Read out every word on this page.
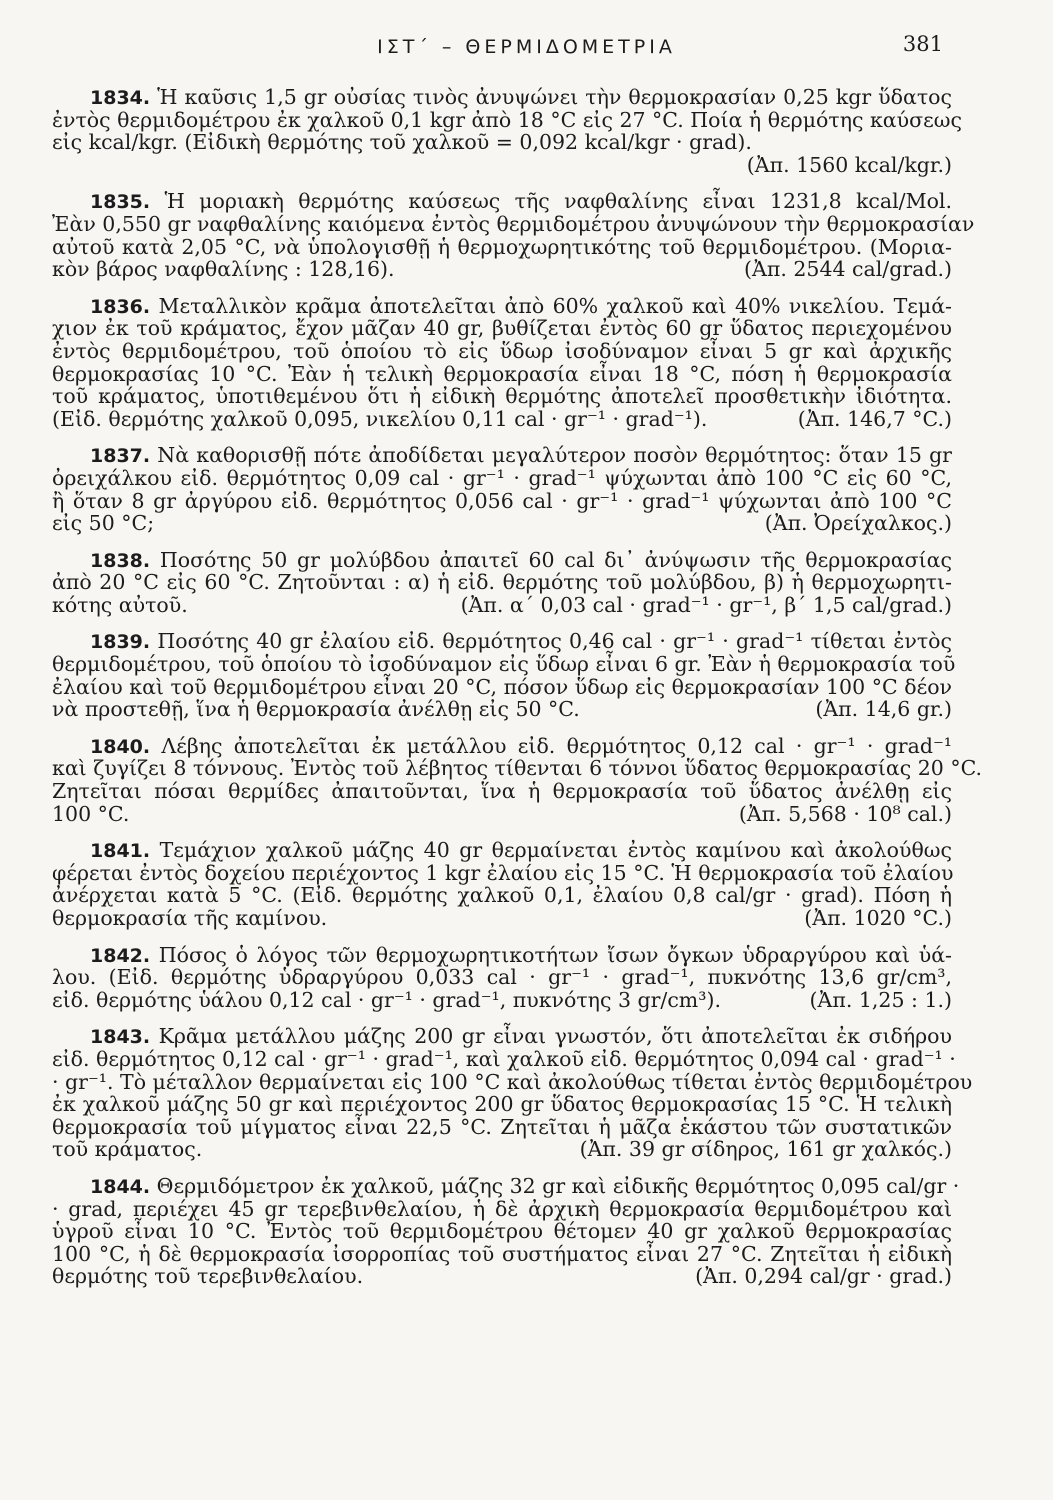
ΙΣΤ΄ – ΘΕΡΜΙΔΟΜΕΤΡΙΑ	381
1834. Ἡ καῦσις 1,5 gr οὐσίας τινὸς ἀνυψώνει τὴν θερμοκρασίαν 0,25 kgr ὕδατος
ἐντὸς θερμιδομέτρου ἐκ χαλκοῦ 0,1 kgr ἀπὸ 18 °C εἰς 27 °C. Ποία ἡ θερμότης καύσεως
εἰς kcal/kgr. (Εἰδικὴ θερμότης τοῦ χαλκοῦ = 0,092 kcal/kgr · grad).
(Ἀπ. 1560 kcal/kgr.)
1835. Ἡ μοριακὴ θερμότης καύσεως τῆς ναφθαλίνης εἶναι 1231,8 kcal/Mol.
Ἐὰν 0,550 gr ναφθαλίνης καιόμενα ἐντὸς θερμιδομέτρου ἀνυψώνουν τὴν θερμοκρασίαν
αὐτοῦ κατὰ 2,05 °C, νὰ ὑπολογισθῇ ἡ θερμοχωρητικότης τοῦ θερμιδομέτρου. (Μορια-
κὸν βάρος ναφθαλίνης : 128,16).	(Ἀπ. 2544 cal/grad.)
1836. Μεταλλικὸν κρᾶμα ἀποτελεῖται ἀπὸ 60% χαλκοῦ καὶ 40% νικελίου. Τεμά-
χιον ἐκ τοῦ κράματος, ἔχον μᾶζαν 40 gr, βυθίζεται ἐντὸς 60 gr ὕδατος περιεχομένου
ἐντὸς θερμιδομέτρου, τοῦ ὁποίου τὸ εἰς ὕδωρ ἰσοδύναμον εἶναι 5 gr καὶ ἀρχικῆς
θερμοκρασίας 10 °C. Ἐὰν ἡ τελικὴ θερμοκρασία εἶναι 18 °C, πόση ἡ θερμοκρασία
τοῦ κράματος, ὑποτιθεμένου ὅτι ἡ εἰδικὴ θερμότης ἀποτελεῖ προσθετικὴν ἰδιότητα.
(Εἰδ. θερμότης χαλκοῦ 0,095, νικελίου 0,11 cal · gr⁻¹ · grad⁻¹).	(Ἀπ. 146,7 °C.)
1837. Νὰ καθορισθῇ πότε ἀποδίδεται μεγαλύτερον ποσὸν θερμότητος: ὅταν 15 gr
ὀρειχάλκου εἰδ. θερμότητος 0,09 cal · gr⁻¹ · grad⁻¹ ψύχωνται ἀπὸ 100 °C εἰς 60 °C,
ἢ ὅταν 8 gr ἀργύρου εἰδ. θερμότητος 0,056 cal · gr⁻¹ · grad⁻¹ ψύχωνται ἀπὸ 100 °C
εἰς 50 °C;	(Ἀπ. Ὀρείχαλκος.)
1838. Ποσότης 50 gr μολύβδου ἀπαιτεῖ 60 cal δι᾽ ἀνύψωσιν τῆς θερμοκρασίας
ἀπὸ 20 °C εἰς 60 °C. Ζητοῦνται : α) ἡ εἰδ. θερμότης τοῦ μολύβδου, β) ἡ θερμοχωρητι-
κότης αὐτοῦ.	(Ἀπ. α΄ 0,03 cal · grad⁻¹ · gr⁻¹, β΄ 1,5 cal/grad.)
1839. Ποσότης 40 gr ἐλαίου εἰδ. θερμότητος 0,46 cal · gr⁻¹ · grad⁻¹ τίθεται ἐντὸς
θερμιδομέτρου, τοῦ ὁποίου τὸ ἰσοδύναμον εἰς ὕδωρ εἶναι 6 gr. Ἐὰν ἡ θερμοκρασία τοῦ
ἐλαίου καὶ τοῦ θερμιδομέτρου εἶναι 20 °C, πόσον ὕδωρ εἰς θερμοκρασίαν 100 °C δέον
νὰ προστεθῇ, ἵνα ἡ θερμοκρασία ἀνέλθῃ εἰς 50 °C.	(Ἀπ. 14,6 gr.)
1840. Λέβης ἀποτελεῖται ἐκ μετάλλου εἰδ. θερμότητος 0,12 cal · gr⁻¹ · grad⁻¹
καὶ ζυγίζει 8 τόννους. Ἐντὸς τοῦ λέβητος τίθενται 6 τόννοι ὕδατος θερμοκρασίας 20 °C.
Ζητεῖται πόσαι θερμίδες ἀπαιτοῦνται, ἵνα ἡ θερμοκρασία τοῦ ὕδατος ἀνέλθῃ εἰς
100 °C.	(Ἀπ. 5,568 · 10⁸ cal.)
1841. Τεμάχιον χαλκοῦ μάζης 40 gr θερμαίνεται ἐντὸς καμίνου καὶ ἀκολούθως
φέρεται ἐντὸς δοχείου περιέχοντος 1 kgr ἐλαίου εἰς 15 °C. Ἡ θερμοκρασία τοῦ ἐλαίου
ἀνέρχεται κατὰ 5 °C. (Εἰδ. θερμότης χαλκοῦ 0,1, ἐλαίου 0,8 cal/gr · grad). Πόση ἡ
θερμοκρασία τῆς καμίνου.	(Ἀπ. 1020 °C.)
1842. Πόσος ὁ λόγος τῶν θερμοχωρητικοτήτων ἴσων ὄγκων ὑδραργύρου καὶ ὑά-
λου. (Εἰδ. θερμότης ὑδραργύρου 0,033 cal · gr⁻¹ · grad⁻¹, πυκνότης 13,6 gr/cm³,
εἰδ. θερμότης ὑάλου 0,12 cal · gr⁻¹ · grad⁻¹, πυκνότης 3 gr/cm³).	(Ἀπ. 1,25 : 1.)
1843. Κρᾶμα μετάλλου μάζης 200 gr εἶναι γνωστόν, ὅτι ἀποτελεῖται ἐκ σιδήρου
εἰδ. θερμότητος 0,12 cal · gr⁻¹ · grad⁻¹, καὶ χαλκοῦ εἰδ. θερμότητος 0,094 cal · grad⁻¹ ·
· gr⁻¹. Τὸ μέταλλον θερμαίνεται εἰς 100 °C καὶ ἀκολούθως τίθεται ἐντὸς θερμιδομέτρου
ἐκ χαλκοῦ μάζης 50 gr καὶ περιέχοντος 200 gr ὕδατος θερμοκρασίας 15 °C. Ἡ τελικὴ
θερμοκρασία τοῦ μίγματος εἶναι 22,5 °C. Ζητεῖται ἡ μᾶζα ἑκάστου τῶν συστατικῶν
τοῦ κράματος.	(Ἀπ. 39 gr σίδηρος, 161 gr χαλκός.)
1844. Θερμιδόμετρον ἐκ χαλκοῦ, μάζης 32 gr καὶ εἰδικῆς θερμότητος 0,095 cal/gr ·
· grad, περιέχει 45 gr τερεβινθελαίου, ἡ δὲ ἀρχικὴ θερμοκρασία θερμιδομέτρου καὶ
ὑγροῦ εἶναι 10 °C. Ἐντὸς τοῦ θερμιδομέτρου θέτομεν 40 gr χαλκοῦ θερμοκρασίας
100 °C, ἡ δὲ θερμοκρασία ἰσορροπίας τοῦ συστήματος εἶναι 27 °C. Ζητεῖται ἡ εἰδικὴ
θερμότης τοῦ τερεβινθελαίου.	(Ἀπ. 0,294 cal/gr · grad.)
